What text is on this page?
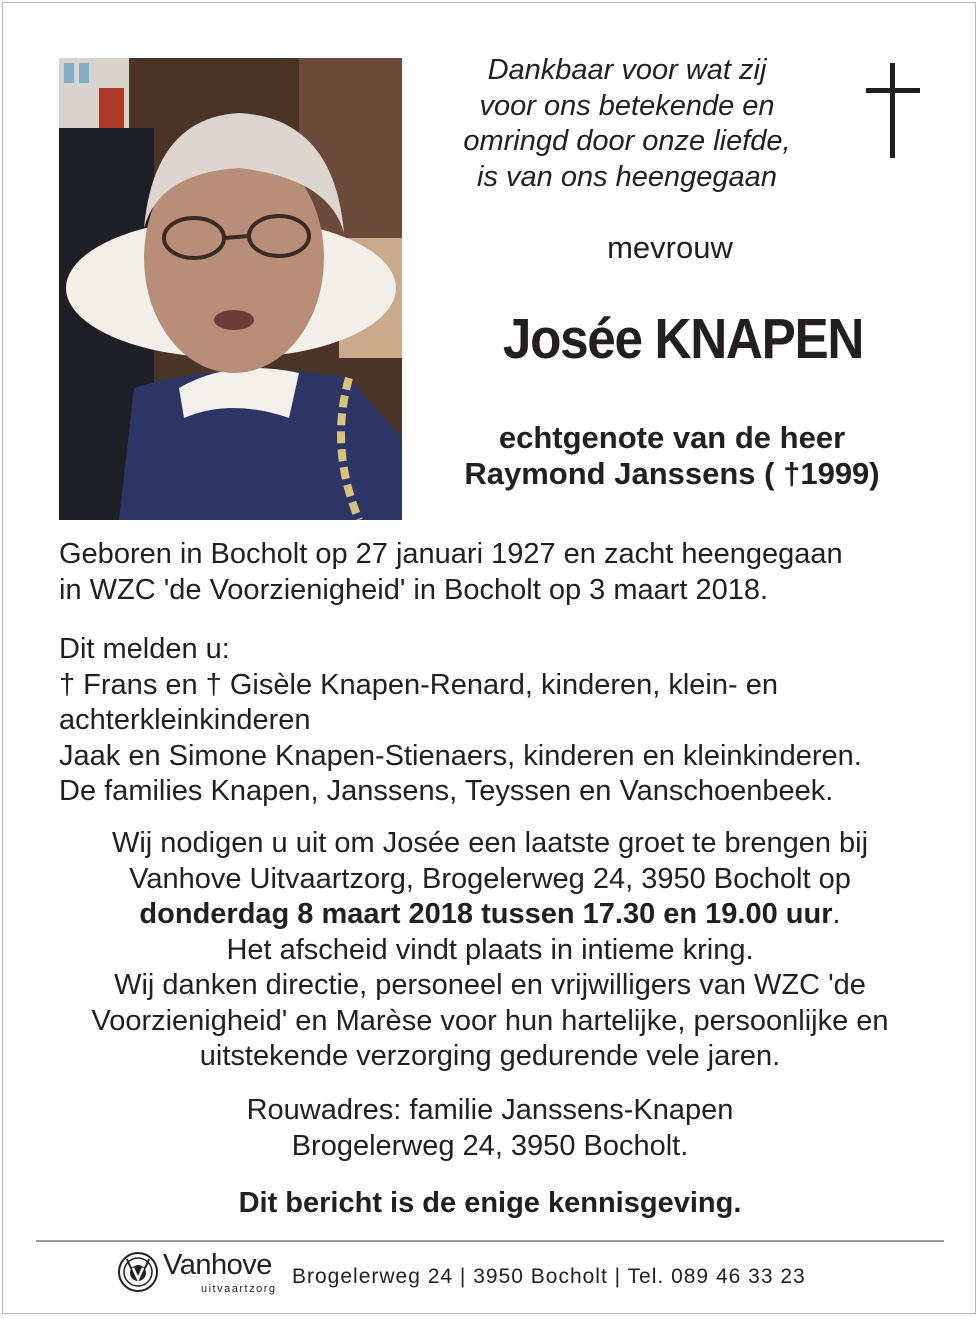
Dankbaar voor wat zij
voor ons betekende en
omringd door onze liefde,
is van ons heengegaan
mevrouw
Josée KNAPEN
echtgenote van de heer
Raymond Janssens ( †1999)
Geboren in Bocholt op 27 januari 1927 en zacht heengegaan
in WZC 'de Voorzienigheid' in Bocholt op 3 maart 2018.
Dit melden u:
† Frans en † Gisèle Knapen-Renard, kinderen, klein- en
achterkleinkinderen
Jaak en Simone Knapen-Stienaers, kinderen en kleinkinderen.
De families Knapen, Janssens, Teyssen en Vanschoenbeek.
Wij nodigen u uit om Josée een laatste groet te brengen bij
Vanhove Uitvaartzorg, Brogelerweg 24, 3950 Bocholt op
donderdag 8 maart 2018 tussen 17.30 en 19.00 uur.
Het afscheid vindt plaats in intieme kring.
Wij danken directie, personeel en vrijwilligers van WZC 'de
Voorzienigheid' en Marèse voor hun hartelijke, persoonlijke en
uitstekende verzorging gedurende vele jaren.
Rouwadres: familie Janssens-Knapen
Brogelerweg 24, 3950 Bocholt.
Dit bericht is de enige kennisgeving.
Vanhove
uitvaartzorg
Brogelerweg 24 | 3950 Bocholt | Tel. 089 46 33 23
